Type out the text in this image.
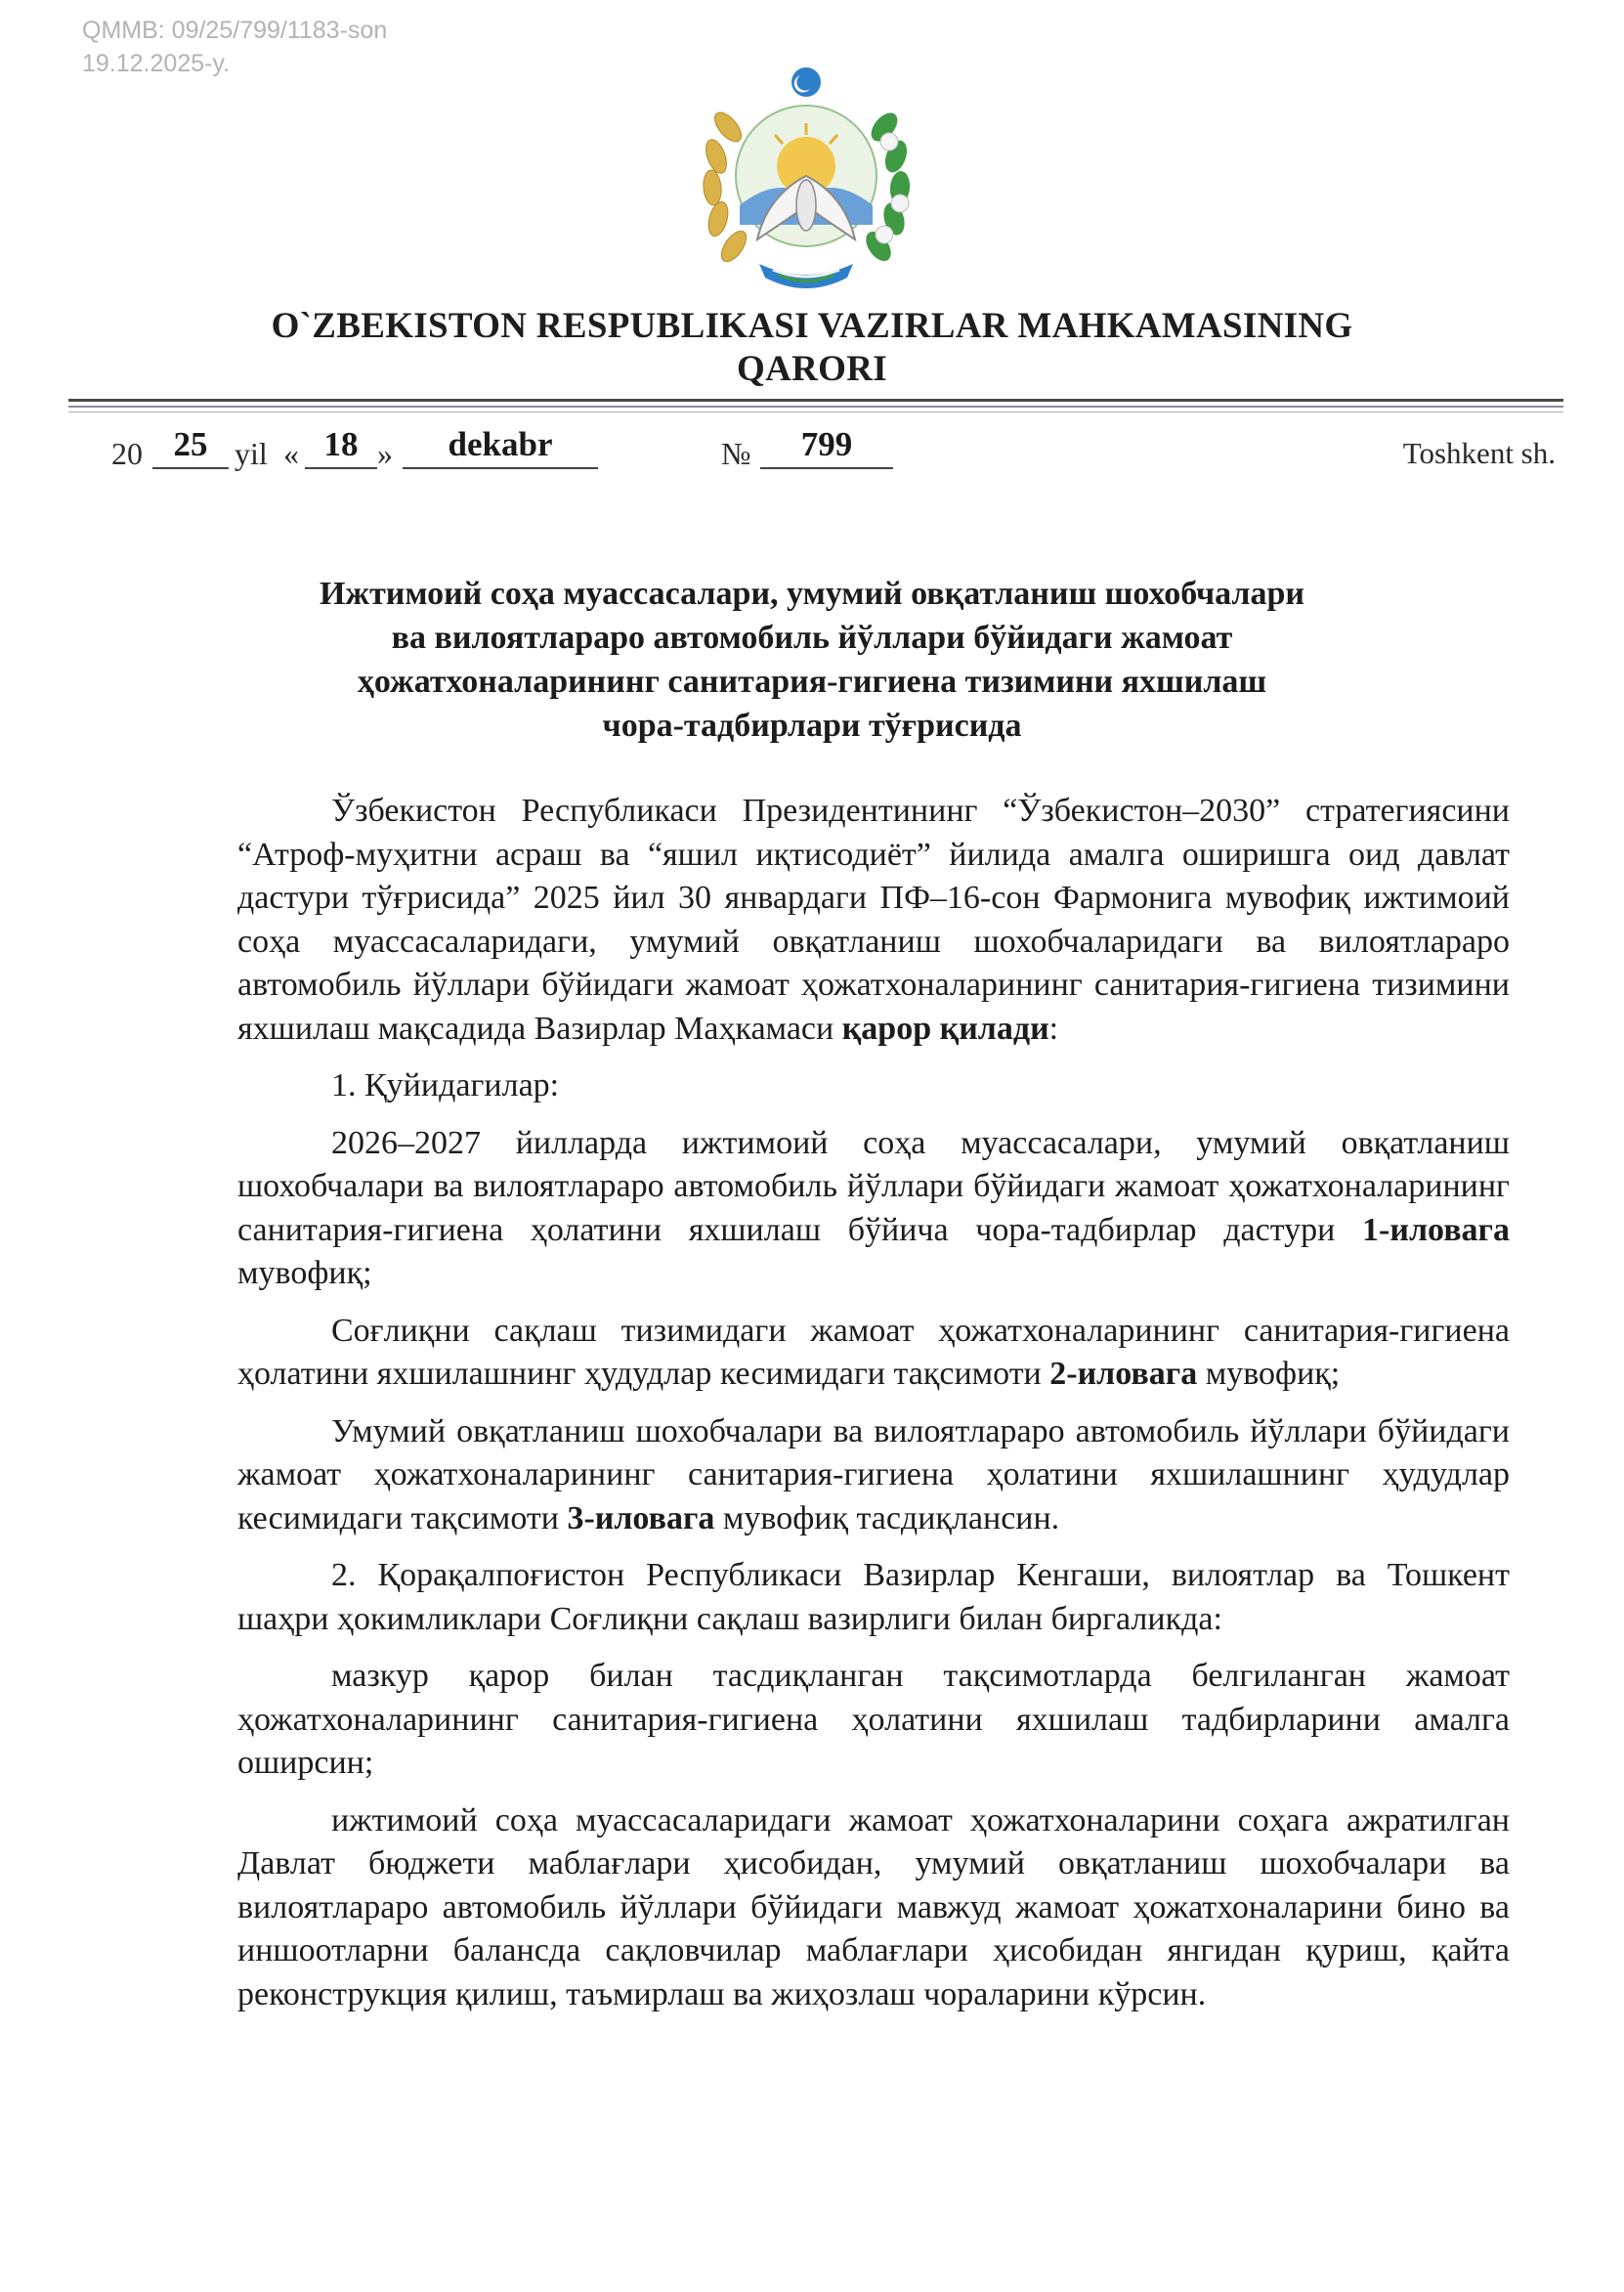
QMMB: 09/25/799/1183-son
19.12.2025-y.
O`ZBEKISTON RESPUBLIKASI VAZIRLAR MAHKAMASINING
QARORI
20 25 yil « 18 »	dekabr	№	799	Toshkent sh.
Ижтимоий соҳа муассасалари, умумий овқатланиш шохобчалари
ва вилоятлараро автомобиль йўллари бўйидаги жамоат
ҳожатхоналарининг санитария-гигиена тизимини яхшилаш
чора-тадбирлари тўғрисида

Ўзбекистон Республикаси Президентининг “Ўзбекистон–2030” стратегиясини “Атроф-муҳитни асраш ва “яшил иқтисодиёт” йилида амалга оширишга оид давлат дастури тўғрисида” 2025 йил 30 январдаги ПФ–16-сон Фармонига мувофиқ ижтимоий соҳа муассасаларидаги, умумий овқатланиш шохобчаларидаги ва вилоятлараро автомобиль йўллари бўйидаги жамоат ҳожатхоналарининг санитария-гигиена тизимини яхшилаш мақсадида Вазирлар Маҳкамаси қарор қилади:

1. Қуйидагилар:

2026–2027 йилларда ижтимоий соҳа муассасалари, умумий овқатланиш шохобчалари ва вилоятлараро автомобиль йўллари бўйидаги жамоат ҳожатхоналарининг санитария-гигиена ҳолатини яхшилаш бўйича чора-тадбирлар дастури 1-иловага мувофиқ;

Соғлиқни сақлаш тизимидаги жамоат ҳожатхоналарининг санитария-гигиена ҳолатини яхшилашнинг ҳудудлар кесимидаги тақсимоти 2-иловага мувофиқ;

Умумий овқатланиш шохобчалари ва вилоятлараро автомобиль йўллари бўйидаги жамоат ҳожатхоналарининг санитария-гигиена ҳолатини яхшилашнинг ҳудудлар кесимидаги тақсимоти 3-иловага мувофиқ тасдиқлансин.

2. Қорақалпоғистон Республикаси Вазирлар Кенгаши, вилоятлар ва Тошкент шаҳри ҳокимликлари Соғлиқни сақлаш вазирлиги билан биргаликда:

мазкур қарор билан тасдиқланган тақсимотларда белгиланган жамоат ҳожатхоналарининг санитария-гигиена ҳолатини яхшилаш тадбирларини амалга оширсин;

ижтимоий соҳа муассасаларидаги жамоат ҳожатхоналарини соҳага ажратилган Давлат бюджети маблағлари ҳисобидан, умумий овқатланиш шохобчалари ва вилоятлараро автомобиль йўллари бўйидаги мавжуд жамоат ҳожатхоналарини бино ва иншоотларни балансда сақловчилар маблағлари ҳисобидан янгидан қуриш, қайта реконструкция қилиш, таъмирлаш ва жиҳозлаш чораларини кўрсин.
